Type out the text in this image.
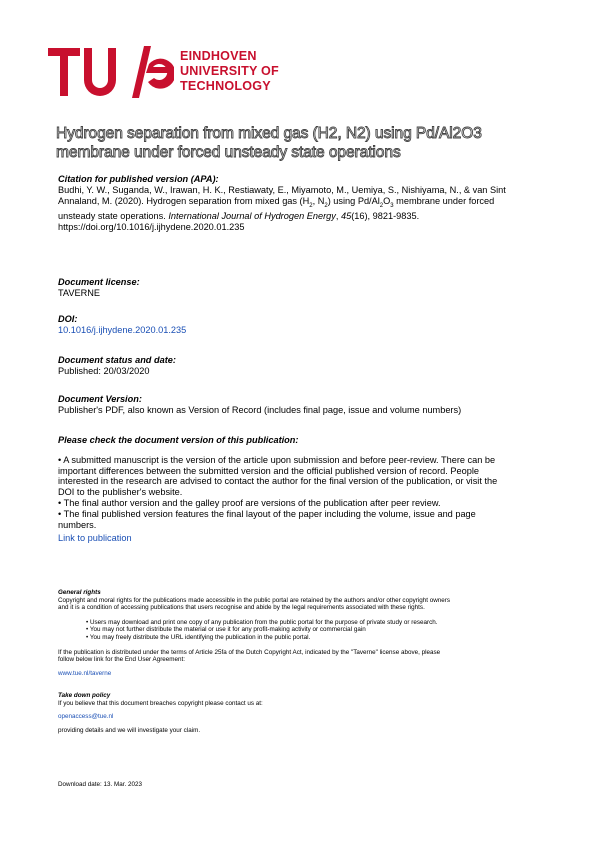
EINDHOVEN
UNIVERSITY OF
TECHNOLOGY
Hydrogen separation from mixed gas (H2, N2) using Pd/Al2O3
membrane under forced unsteady state operations
Citation for published version (APA):
Budhi, Y. W., Suganda, W., Irawan, H. K., Restiawaty, E., Miyamoto, M., Uemiya, S., Nishiyama, N., & van Sint
Annaland, M. (2020). Hydrogen separation from mixed gas ($H_2$, $N_2$) using $Pd/Al_2O_3$ membrane under forced
unsteady state operations. International Journal of Hydrogen Energy, 45(16), 9821-9835.
https://doi.org/10.1016/j.ijhydene.2020.01.235
Document license:
TAVERNE
DOI:
10.1016/j.ijhydene.2020.01.235
Document status and date:
Published: 20/03/2020
Document Version:
Publisher's PDF, also known as Version of Record (includes final page, issue and volume numbers)
Please check the document version of this publication:
• A submitted manuscript is the version of the article upon submission and before peer-review. There can be
important differences between the submitted version and the official published version of record. People
interested in the research are advised to contact the author for the final version of the publication, or visit the
DOI to the publisher's website.
• The final author version and the galley proof are versions of the publication after peer review.
• The final published version features the final layout of the paper including the volume, issue and page
numbers.
Link to publication
General rights
Copyright and moral rights for the publications made accessible in the public portal are retained by the authors and/or other copyright owners
and it is a condition of accessing publications that users recognise and abide by the legal requirements associated with these rights.
• Users may download and print one copy of any publication from the public portal for the purpose of private study or research.
• You may not further distribute the material or use it for any profit-making activity or commercial gain
• You may freely distribute the URL identifying the publication in the public portal.
If the publication is distributed under the terms of Article 25fa of the Dutch Copyright Act, indicated by the "Taverne" license above, please
follow below link for the End User Agreement:
www.tue.nl/taverne
Take down policy
If you believe that this document breaches copyright please contact us at:
openaccess@tue.nl
providing details and we will investigate your claim.
Download date: 13. Mar. 2023
